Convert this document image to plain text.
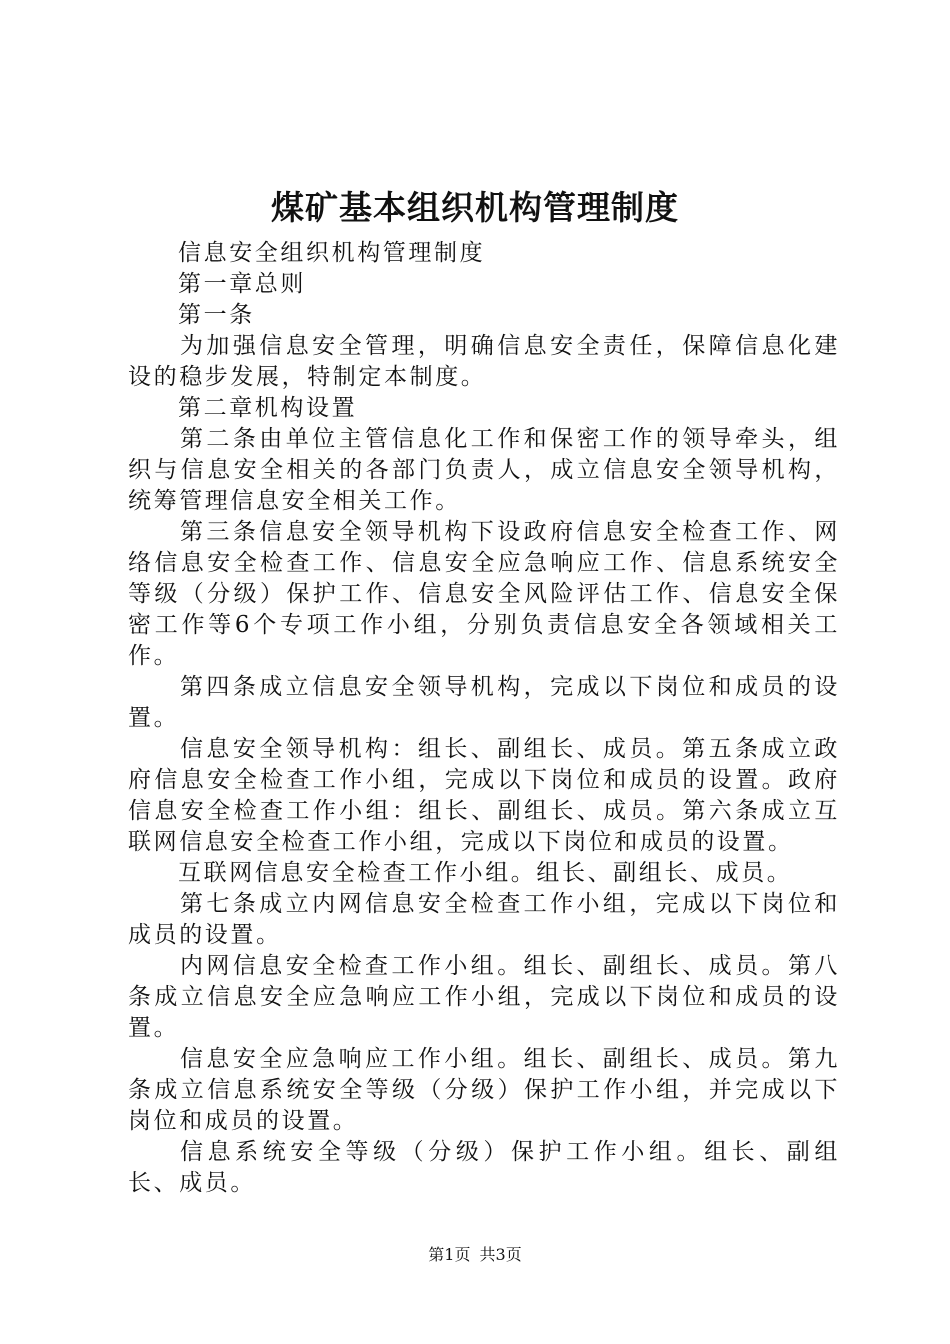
煤矿基本组织机构管理制度

信息安全组织机构管理制度

第一章总则

第一条

为加强信息安全管理，明确信息安全责任，保障信息化建设的稳步发展，特制定本制度。

第二章机构设置

第二条由单位主管信息化工作和保密工作的领导牵头，组织与信息安全相关的各部门负责人，成立信息安全领导机构，统筹管理信息安全相关工作。

第三条信息安全领导机构下设政府信息安全检查工作、网络信息安全检查工作、信息安全应急响应工作、信息系统安全等级（分级）保护工作、信息安全风险评估工作、信息安全保密工作等6个专项工作小组，分别负责信息安全各领域相关工作。

第四条成立信息安全领导机构，完成以下岗位和成员的设置。

信息安全领导机构：组长、副组长、成员。第五条成立政府信息安全检查工作小组，完成以下岗位和成员的设置。政府信息安全检查工作小组：组长、副组长、成员。第六条成立互联网信息安全检查工作小组，完成以下岗位和成员的设置。

互联网信息安全检查工作小组。组长、副组长、成员。

第七条成立内网信息安全检查工作小组，完成以下岗位和成员的设置。

内网信息安全检查工作小组。组长、副组长、成员。第八条成立信息安全应急响应工作小组，完成以下岗位和成员的设置。

信息安全应急响应工作小组。组长、副组长、成员。第九条成立信息系统安全等级（分级）保护工作小组，并完成以下岗位和成员的设置。

信息系统安全等级（分级）保护工作小组。组长、副组长、成员。

第1页 共3页
